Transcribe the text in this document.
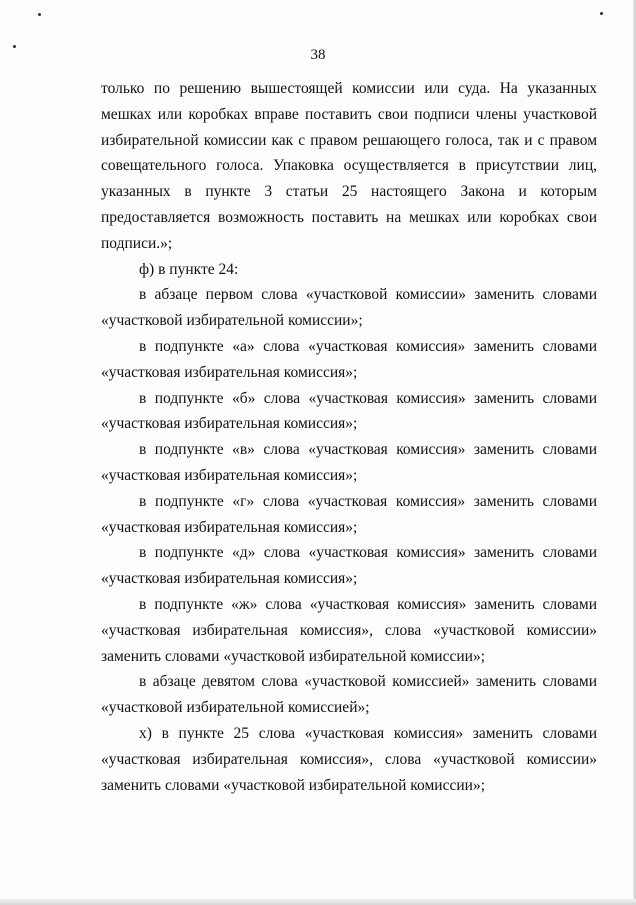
38

только по решению вышестоящей комиссии или суда. На указанных мешках или коробках вправе поставить свои подписи члены участковой избирательной комиссии как с правом решающего голоса, так и с правом совещательного голоса. Упаковка осуществляется в присутствии лиц, указанных в пункте 3 статьи 25 настоящего Закона и которым предоставляется возможность поставить на мешках или коробках свои подписи.»;

ф) в пункте 24:

в абзаце первом слова «участковой комиссии» заменить словами «участковой избирательной комиссии»;

в подпункте «а» слова «участковая комиссия» заменить словами «участковая избирательная комиссия»;

в подпункте «б» слова «участковая комиссия» заменить словами «участковая избирательная комиссия»;

в подпункте «в» слова «участковая комиссия» заменить словами «участковая избирательная комиссия»;

в подпункте «г» слова «участковая комиссия» заменить словами «участковая избирательная комиссия»;

в подпункте «д» слова «участковая комиссия» заменить словами «участковая избирательная комиссия»;

в подпункте «ж» слова «участковая комиссия» заменить словами «участковая избирательная комиссия», слова «участковой комиссии» заменить словами «участковой избирательной комиссии»;

в абзаце девятом слова «участковой комиссией» заменить словами «участковой избирательной комиссией»;

х) в пункте 25 слова «участковая комиссия» заменить словами «участковая избирательная комиссия», слова «участковой комиссии» заменить словами «участковой избирательной комиссии»;
